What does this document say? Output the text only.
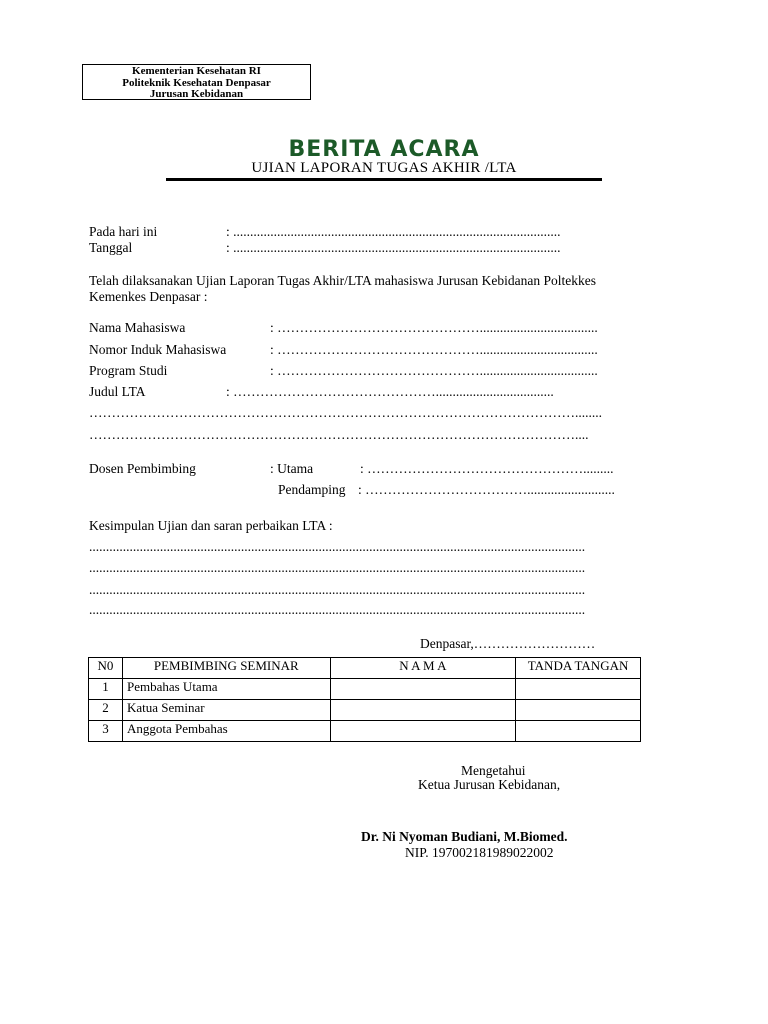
Kementerian Kesehatan RI
Politeknik Kesehatan Denpasar
Jurusan Kebidanan
BERITA ACARA
UJIAN LAPORAN TUGAS AKHIR /LTA
Pada hari ini	: .................................................................................................
Tanggal	: .................................................................................................
Telah dilaksanakan Ujian Laporan Tugas Akhir/LTA mahasiswa Jurusan Kebidanan Poltekkes
Kemenkes Denpasar :
Nama Mahasiswa	: ………………………………………...................................
Nomor Induk Mahasiswa	: ………………………………………...................................
Program Studi	: ………………………………………...................................
Judul LTA	: ………………………………………...................................
………………………………………………………………………………………………........
………………………………………………………………………………………………....
Dosen Pembimbing	: Utama	: ………………………………………….........
Pendamping : ………………………………..........................
Kesimpulan Ujian dan saran perbaikan LTA :
...................................................................................................................................................
...................................................................................................................................................
...................................................................................................................................................
...................................................................................................................................................
Denpasar,………………………
N0	PEMBIMBING SEMINAR	N A M A	TANDA TANGAN
1	Pembahas Utama		
2	Katua Seminar		
3	Anggota Pembahas		
Mengetahui
Ketua Jurusan Kebidanan,
Dr. Ni Nyoman Budiani, M.Biomed.
NIP. 197002181989022002
